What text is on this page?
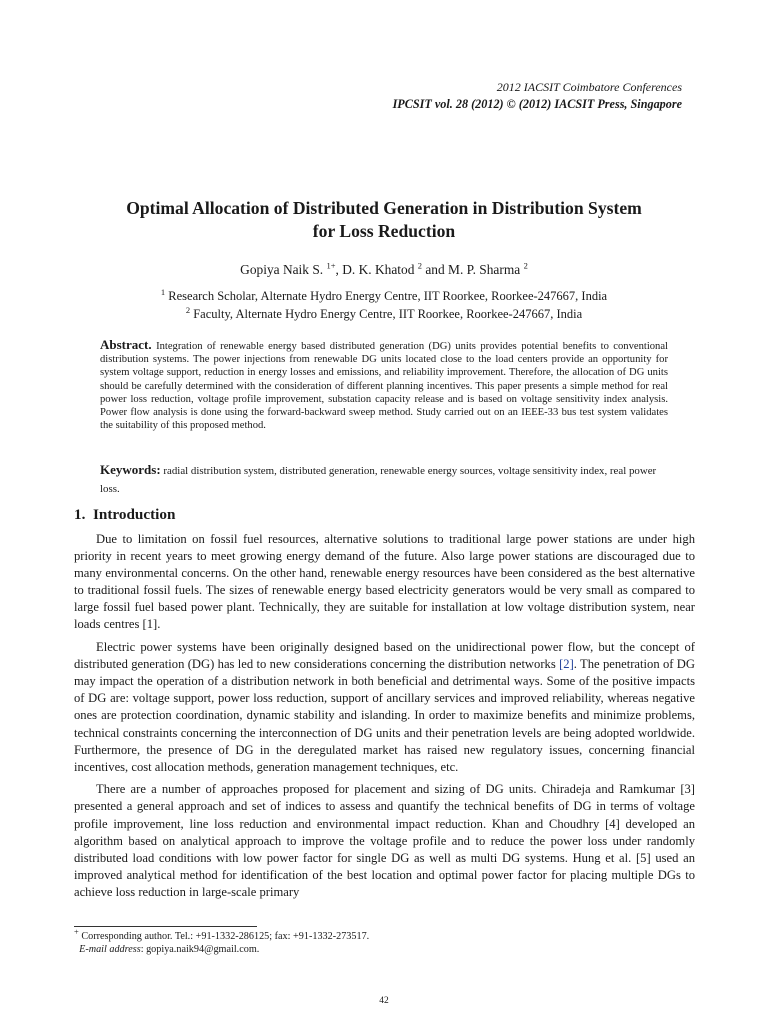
2012 IACSIT Coimbatore Conferences
IPCSIT vol. 28 (2012) © (2012) IACSIT Press, Singapore
Optimal Allocation of Distributed Generation in Distribution System
for Loss Reduction
Gopiya Naik S. $^{1+}$, D. K. Khatod $^2$ and M. P. Sharma $^2$
$^1$ Research Scholar, Alternate Hydro Energy Centre, IIT Roorkee, Roorkee-247667, India
$^2$ Faculty, Alternate Hydro Energy Centre, IIT Roorkee, Roorkee-247667, India
Abstract. Integration of renewable energy based distributed generation (DG) units provides potential benefits to conventional distribution systems. The power injections from renewable DG units located close to the load centers provide an opportunity for system voltage support, reduction in energy losses and emissions, and reliability improvement. Therefore, the allocation of DG units should be carefully determined with the consideration of different planning incentives. This paper presents a simple method for real power loss reduction, voltage profile improvement, substation capacity release and is based on voltage sensitivity index analysis. Power flow analysis is done using the forward-backward sweep method. Study carried out on an IEEE-33 bus test system validates the suitability of this proposed method.
Keywords: radial distribution system, distributed generation, renewable energy sources, voltage sensitivity index, real power loss.
1. Introduction

Due to limitation on fossil fuel resources, alternative solutions to traditional large power stations are under high priority in recent years to meet growing energy demand of the future. Also large power stations are discouraged due to many environmental concerns. On the other hand, renewable energy resources have been considered as the best alternative to traditional fossil fuels. The sizes of renewable energy based electricity generators would be very small as compared to large fossil fuel based power plant. Technically, they are suitable for installation at low voltage distribution system, near loads centres [1].

Electric power systems have been originally designed based on the unidirectional power flow, but the concept of distributed generation (DG) has led to new considerations concerning the distribution networks [2]. The penetration of DG may impact the operation of a distribution network in both beneficial and detrimental ways. Some of the positive impacts of DG are: voltage support, power loss reduction, support of ancillary services and improved reliability, whereas negative ones are protection coordination, dynamic stability and islanding. In order to maximize benefits and minimize problems, technical constraints concerning the interconnection of DG units and their penetration levels are being adopted worldwide. Furthermore, the presence of DG in the deregulated market has raised new regulatory issues, concerning financial incentives, cost allocation methods, generation management techniques, etc.

There are a number of approaches proposed for placement and sizing of DG units. Chiradeja and Ramkumar [3] presented a general approach and set of indices to assess and quantify the technical benefits of DG in terms of voltage profile improvement, line loss reduction and environmental impact reduction. Khan and Choudhry [4] developed an algorithm based on analytical approach to improve the voltage profile and to reduce the power loss under randomly distributed load conditions with low power factor for single DG as well as multi DG systems. Hung et al. [5] used an improved analytical method for identification of the best location and optimal power factor for placing multiple DGs to achieve loss reduction in large-scale primary

+ Corresponding author. Tel.: +91-1332-286125; fax: +91-1332-273517.
E-mail address: gopiya.naik94@gmail.com.
42
